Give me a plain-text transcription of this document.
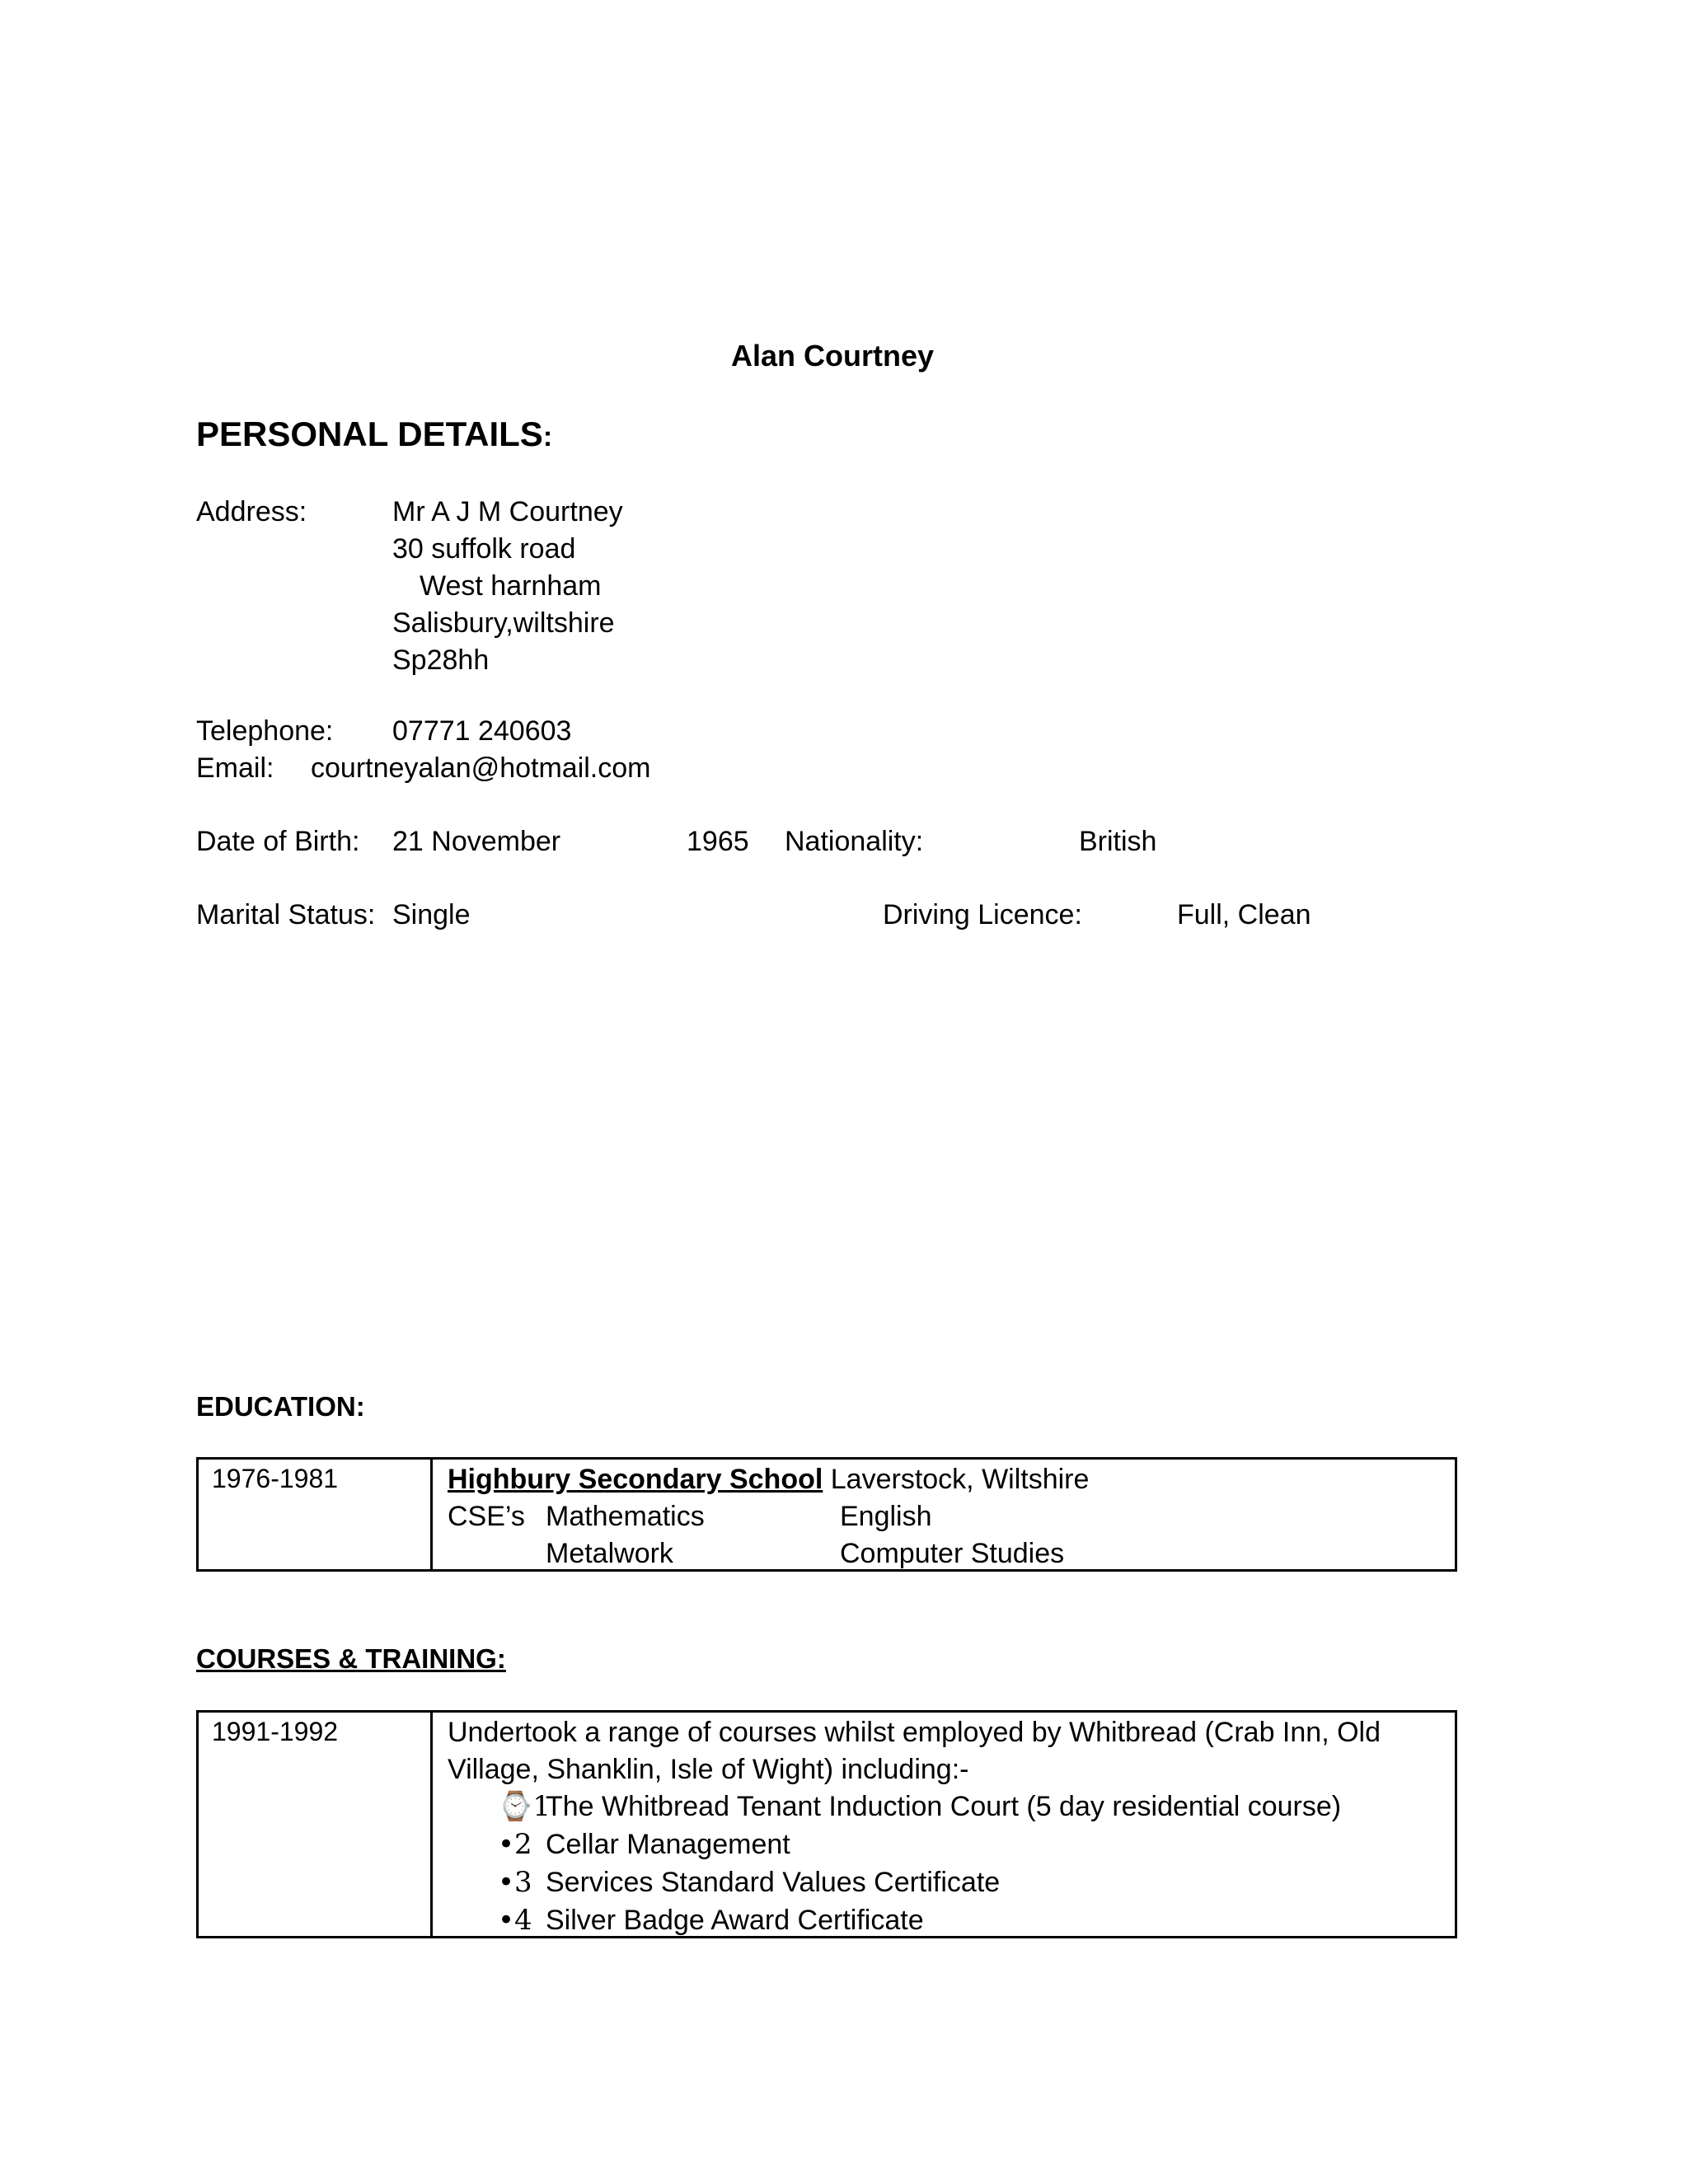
Alan Courtney
PERSONAL DETAILS:
Address:	Mr A J M Courtney
30 suffolk road
West harnham
Salisbury,wiltshire
Sp28hh
Telephone: 07771 240603
Email: courtneyalan@hotmail.com
Date of Birth: 21 November	1965 Nationality:	British
Marital Status: Single	Driving Licence:	Full, Clean
EDUCATION:
1976-1981	Highbury Secondary School Laverstock, Wiltshire
CSE’s Mathematics	English
Metalwork	Computer Studies
COURSES & TRAINING:
1991-1992	Undertook a range of courses whilst employed by Whitbread (Crab Inn, Old
Village, Shanklin, Isle of Wight) including:-
⌚1
The Whitbread Tenant Induction Court (5 day residential course)
•2 Cellar Management
•3 Services Standard Values Certificate
•4 Silver Badge Award Certificate
